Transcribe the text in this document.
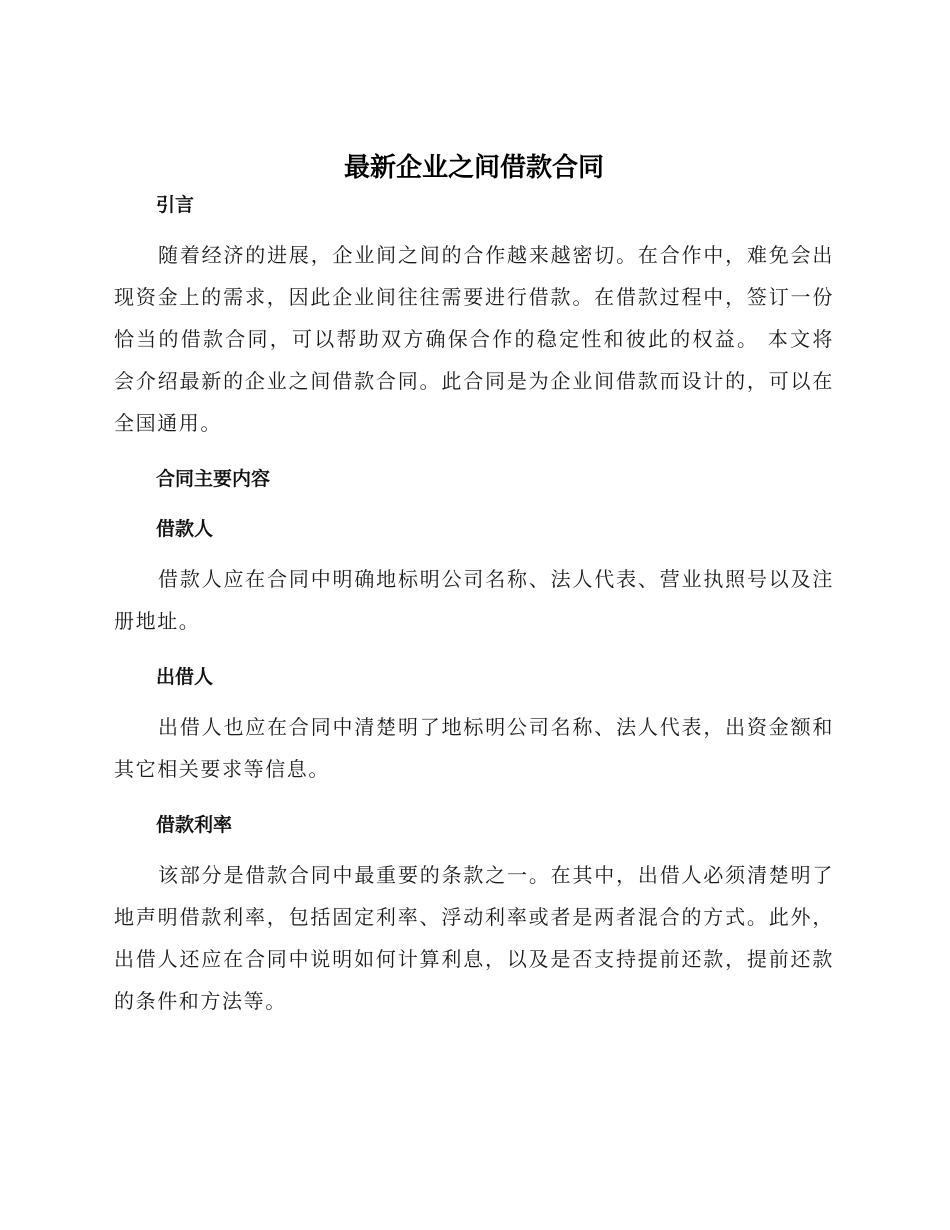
最新企业之间借款合同
引言

随着经济的进展，企业间之间的合作越来越密切。在合作中，难免会出现资金上的需求，因此企业间往往需要进行借款。在借款过程中，签订一份恰当的借款合同，可以帮助双方确保合作的稳定性和彼此的权益。 本文将会介绍最新的企业之间借款合同。此合同是为企业间借款而设计的，可以在全国通用。

合同主要内容
借款人

借款人应在合同中明确地标明公司名称、法人代表、营业执照号以及注册地址。

出借人

出借人也应在合同中清楚明了地标明公司名称、法人代表，出资金额和其它相关要求等信息。

借款利率

该部分是借款合同中最重要的条款之一。在其中，出借人必须清楚明了地声明借款利率，包括固定利率、浮动利率或者是两者混合的方式。此外，出借人还应在合同中说明如何计算利息，以及是否支持提前还款，提前还款的条件和方法等。
